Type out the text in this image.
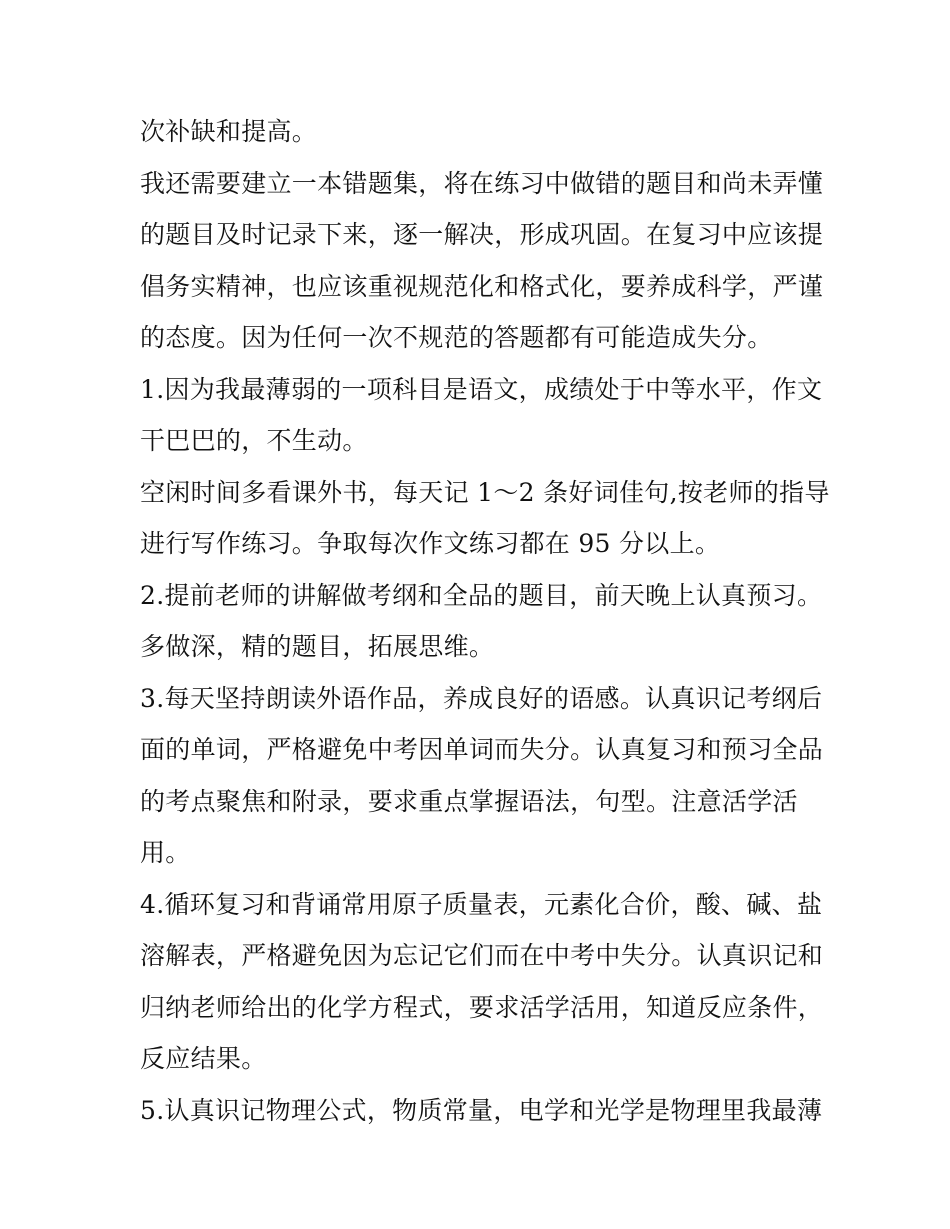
次补缺和提高。
我还需要建立一本错题集，将在练习中做错的题目和尚未弄懂
的题目及时记录下来，逐一解决，形成巩固。在复习中应该提
倡务实精神，也应该重视规范化和格式化，要养成科学，严谨
的态度。因为任何一次不规范的答题都有可能造成失分。
1.因为我最薄弱的一项科目是语文，成绩处于中等水平，作文
干巴巴的，不生动。
空闲时间多看课外书，每天记 1～2 条好词佳句,按老师的指导
进行写作练习。争取每次作文练习都在 95 分以上。
2.提前老师的讲解做考纲和全品的题目，前天晚上认真预习。
多做深，精的题目，拓展思维。
3.每天坚持朗读外语作品，养成良好的语感。认真识记考纲后
面的单词，严格避免中考因单词而失分。认真复习和预习全品
的考点聚焦和附录，要求重点掌握语法，句型。注意活学活
用。
4.循环复习和背诵常用原子质量表，元素化合价，酸、碱、盐
溶解表，严格避免因为忘记它们而在中考中失分。认真识记和
归纳老师给出的化学方程式，要求活学活用，知道反应条件，
反应结果。
5.认真识记物理公式，物质常量，电学和光学是物理里我最薄
